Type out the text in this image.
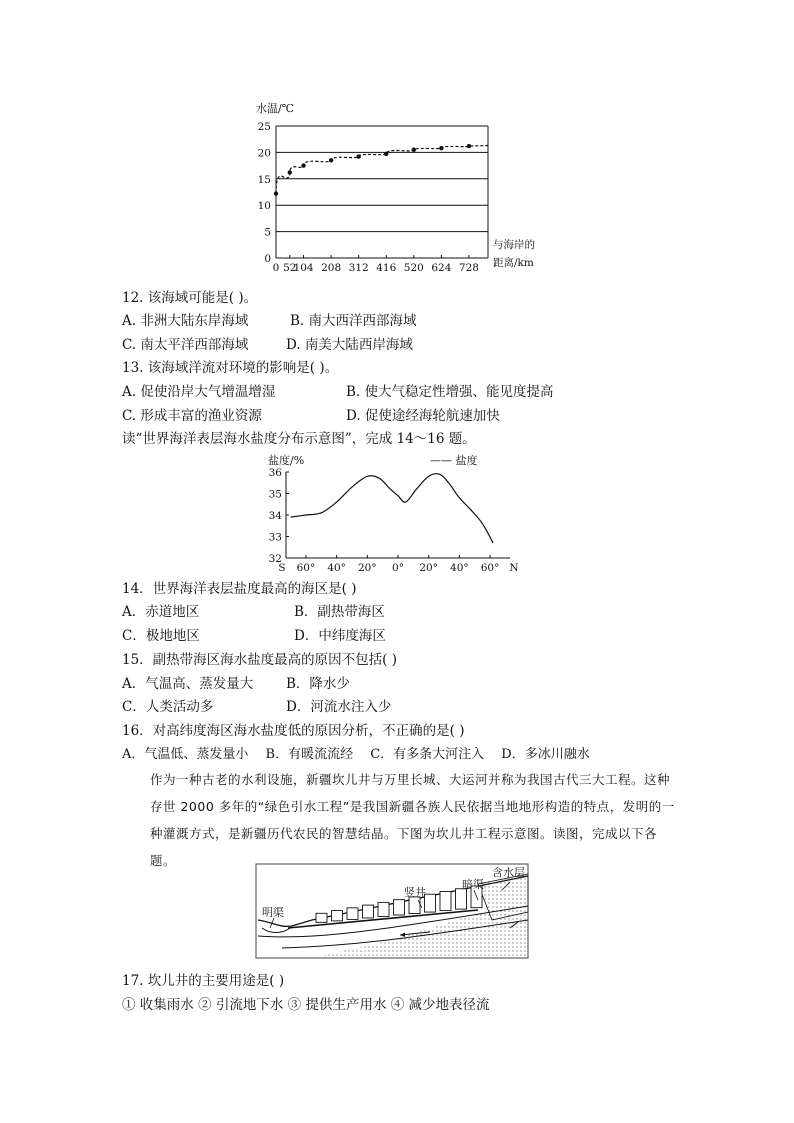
水温/℃
0
5
10
15
20
25
0 52
104 208 312 416 520 624 728
与海岸的
距离/km
12. 该海域可能是( )。
A. 非洲大陆东岸海域	B. 南大西洋西部海域
C. 南太平洋西部海域	D. 南美大陆西岸海域
13. 该海域洋流对环境的影响是( )。
A. 促使沿岸大气增温增湿	B. 使大气稳定性增强、能见度提高
C. 形成丰富的渔业资源	D. 促使途经海轮航速加快
读“世界海洋表层海水盐度分布示意图”，完成 14～16 题。
盐度/%	—— 盐度
32
33
34
35
36
S 60° 40° 20° 0° 20° 40° 60° N
14．世界海洋表层盐度最高的海区是( )
A．赤道地区	B．副热带海区
C．极地地区	D．中纬度海区
15．副热带海区海水盐度最高的原因不包括( )
A．气温高、蒸发量大 B．降水少
C．人类活动多	D．河流水注入少
16．对高纬度海区海水盐度低的原因分析，不正确的是( )
A．气温低、蒸发量小　 B．有暖流流经　 C．有多条大河注入　 D．多冰川融水
作为一种古老的水利设施，新疆坎儿井与万里长城、大运河并称为我国古代三大工程。这种存世 2000 多年的“绿色引水工程”是我国新疆各族人民依据当地地形构造的特点，发明的一种灌溉方式，是新疆历代农民的智慧结晶。下图为坎儿井工程示意图。读图，完成以下各题。
明渠
竖井
暗渠
含水层
17. 坎儿井的主要用途是( )
① 收集雨水 ② 引流地下水 ③ 提供生产用水 ④ 减少地表径流
